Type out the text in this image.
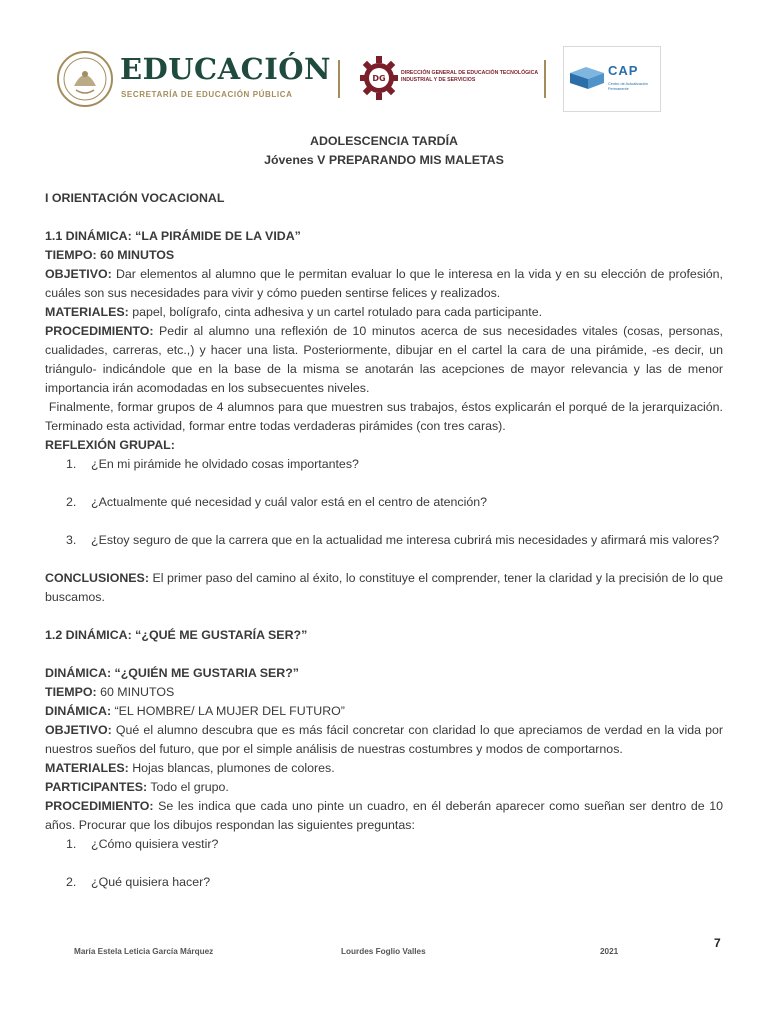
EDUCACIÓN
SECRETARÍA DE EDUCACIÓN PÚBLICA
DG
DIRECCIÓN GENERAL DE EDUCACIÓN TECNOLÓGICA INDUSTRIAL Y DE SERVICIOS
CAP
Centro de Actualización Permanente

ADOLESCENCIA TARDÍA

Jóvenes V PREPARANDO MIS MALETAS

I ORIENTACIÓN VOCACIONAL

1.1 DINÁMICA: “LA PIRÁMIDE DE LA VIDA”

TIEMPO: 60 MINUTOS

OBJETIVO: Dar elementos al alumno que le permitan evaluar lo que le interesa en la vida y en su elección de profesión, cuáles son sus necesidades para vivir y cómo pueden sentirse felices y realizados.

MATERIALES: papel, bolígrafo, cinta adhesiva y un cartel rotulado para cada participante.

PROCEDIMIENTO: Pedir al alumno una reflexión de 10 minutos acerca de sus necesidades vitales (cosas, personas, cualidades, carreras, etc.,) y hacer una lista. Posteriormente, dibujar en el cartel la cara de una pirámide, -es decir, un triángulo- indicándole que en la base de la misma se anotarán las acepciones de mayor relevancia y las de menor importancia irán acomodadas en los subsecuentes niveles.

Finalmente, formar grupos de 4 alumnos para que muestren sus trabajos, éstos explicarán el porqué de la jerarquización. Terminado esta actividad, formar entre todas verdaderas pirámides (con tres caras).

REFLEXIÓN GRUPAL:

1. ¿En mi pirámide he olvidado cosas importantes?
2. ¿Actualmente qué necesidad y cuál valor está en el centro de atención?
3. ¿Estoy seguro de que la carrera que en la actualidad me interesa cubrirá mis necesidades y afirmará mis valores?

CONCLUSIONES: El primer paso del camino al éxito, lo constituye el comprender, tener la claridad y la precisión de lo que buscamos.

1.2 DINÁMICA: “¿QUÉ ME GUSTARÍA SER?”

DINÁMICA: “¿QUIÉN ME GUSTARIA SER?”

TIEMPO: 60 MINUTOS

DINÁMICA: “EL HOMBRE/ LA MUJER DEL FUTURO”

OBJETIVO: Qué el alumno descubra que es más fácil concretar con claridad lo que apreciamos de verdad en la vida por nuestros sueños del futuro, que por el simple análisis de nuestras costumbres y modos de comportarnos.

MATERIALES: Hojas blancas, plumones de colores.

PARTICIPANTES: Todo el grupo.

PROCEDIMIENTO: Se les indica que cada uno pinte un cuadro, en él deberán aparecer como sueñan ser dentro de 10 años. Procurar que los dibujos respondan las siguientes preguntas:

1. ¿Cómo quisiera vestir?
2. ¿Qué quisiera hacer?
7
María Estela Leticia García Márquez	Lourdes Foglio Valles	2021
